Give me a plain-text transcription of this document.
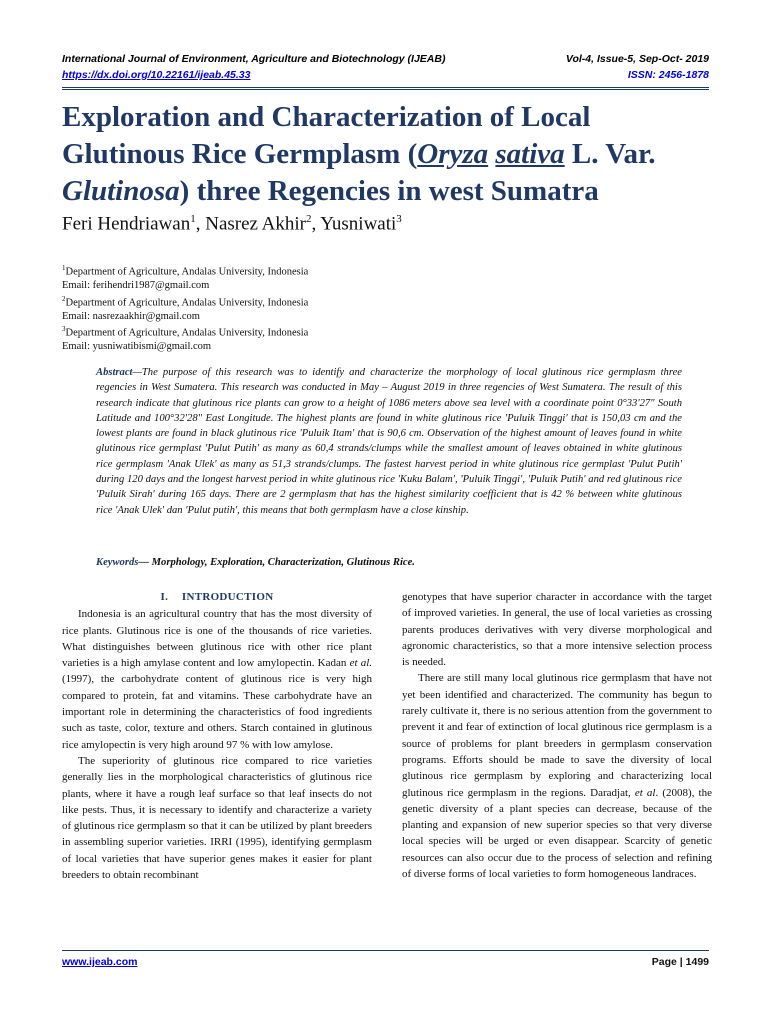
International Journal of Environment, Agriculture and Biotechnology (IJEAB)	Vol-4, Issue-5, Sep-Oct- 2019
https://dx.doi.org/10.22161/ijeab.45.33	ISSN: 2456-1878
Exploration and Characterization of Local
Glutinous Rice Germplasm (Oryza sativa L. Var.
Glutinosa) three Regencies in west Sumatra
Feri Hendriawan$^1$, Nasrez Akhir$^2$, Yusniwati$^3$
$^1$Department of Agriculture, Andalas University, Indonesia
Email: ferihendri1987@gmail.com
$^2$Department of Agriculture, Andalas University, Indonesia
Email: nasrezaakhir@gmail.com
$^3$Department of Agriculture, Andalas University, Indonesia
Email: yusniwatibismi@gmail.com
Abstract—The purpose of this research was to identify and characterize the morphology of local glutinous rice germplasm three regencies in West Sumatera. This research was conducted in May – August 2019 in three regencies of West Sumatera. The result of this research indicate that glutinous rice plants can grow to a height of 1086 meters above sea level with a coordinate point 0°33'27" South Latitude and 100°32'28" East Longitude. The highest plants are found in white glutinous rice 'Puluik Tinggi' that is 150,03 cm and the lowest plants are found in black glutinous rice 'Puluik Itam' that is 90,6 cm. Observation of the highest amount of leaves found in white glutinous rice germplast 'Pulut Putih' as many as 60,4 strands/clumps while the smallest amount of leaves obtained in white glutinous rice germplasm 'Anak Ulek' as many as 51,3 strands/clumps. The fastest harvest period in white glutinous rice germplast 'Pulut Putih' during 120 days and the longest harvest period in white glutinous rice 'Kuku Balam', 'Puluik Tinggi', 'Puluik Putih' and red glutinous rice 'Puluik Sirah' during 165 days. There are 2 germplasm that has the highest similarity coefficient that is 42 % between white glutinous rice 'Anak Ulek' dan 'Pulut putih', this means that both germplasm have a close kinship.
Keywords— Morphology, Exploration, Characterization, Glutinous Rice.
I. INTRODUCTION

Indonesia is an agricultural country that has the most diversity of rice plants. Glutinous rice is one of the thousands of rice varieties. What distinguishes between glutinous rice with other rice plant varieties is a high amylase content and low amylopectin. Kadan et al. (1997), the carbohydrate content of glutinous rice is very high compared to protein, fat and vitamins. These carbohydrate have an important role in determining the characteristics of food ingredients such as taste, color, texture and others. Starch contained in glutinous rice amylopectin is very high around 97 % with low amylose.

The superiority of glutinous rice compared to rice varieties generally lies in the morphological characteristics of glutinous rice plants, where it have a rough leaf surface so that leaf insects do not like pests. Thus, it is necessary to identify and characterize a variety of glutinous rice germplasm so that it can be utilized by plant breeders in assembling superior varieties. IRRI (1995), identifying germplasm of local varieties that have superior genes makes it easier for plant breeders to obtain recombinant

genotypes that have superior character in accordance with the target of improved varieties. In general, the use of local varieties as crossing parents produces derivatives with very diverse morphological and agronomic characteristics, so that a more intensive selection process is needed.

There are still many local glutinous rice germplasm that have not yet been identified and characterized. The community has begun to rarely cultivate it, there is no serious attention from the government to prevent it and fear of extinction of local glutinous rice germplasm is a source of problems for plant breeders in germplasm conservation programs. Efforts should be made to save the diversity of local glutinous rice germplasm by exploring and characterizing local glutinous rice germplasm in the regions. Daradjat, et al. (2008), the genetic diversity of a plant species can decrease, because of the planting and expansion of new superior species so that very diverse local species will be urged or even disappear. Scarcity of genetic resources can also occur due to the process of selection and refining of diverse forms of local varieties to form homogeneous landraces.

www.ijeab.com	Page | 1499
